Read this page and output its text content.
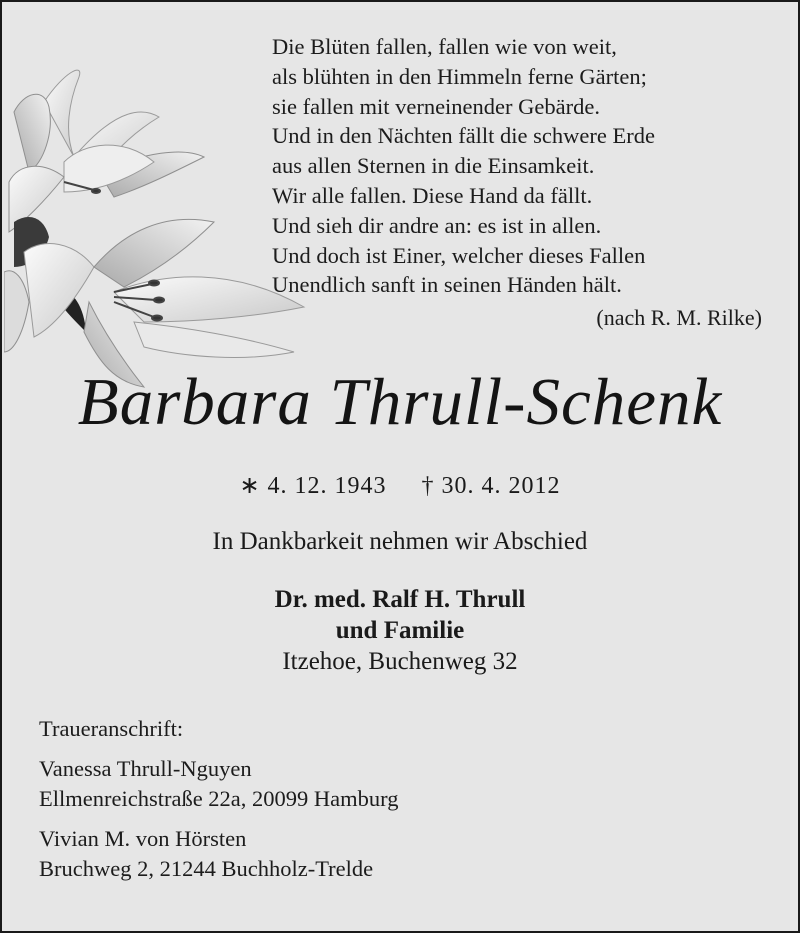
Die Blüten fallen, fallen wie von weit,
als blühten in den Himmeln ferne Gärten;
sie fallen mit verneinender Gebärde.
Und in den Nächten fällt die schwere Erde
aus allen Sternen in die Einsamkeit.
Wir alle fallen. Diese Hand da fällt.
Und sieh dir andre an: es ist in allen.
Und doch ist Einer, welcher dieses Fallen
Unendlich sanft in seinen Händen hält.
(nach R. M. Rilke)
Barbara Thrull-Schenk
∗ 4. 12. 1943 † 30. 4. 2012
In Dankbarkeit nehmen wir Abschied
Dr. med. Ralf H. Thrull
und Familie
Itzehoe, Buchenweg 32
Traueranschrift:
Vanessa Thrull-Nguyen
Ellmenreichstraße 22a, 20099 Hamburg
Vivian M. von Hörsten
Bruchweg 2, 21244 Buchholz-Trelde
